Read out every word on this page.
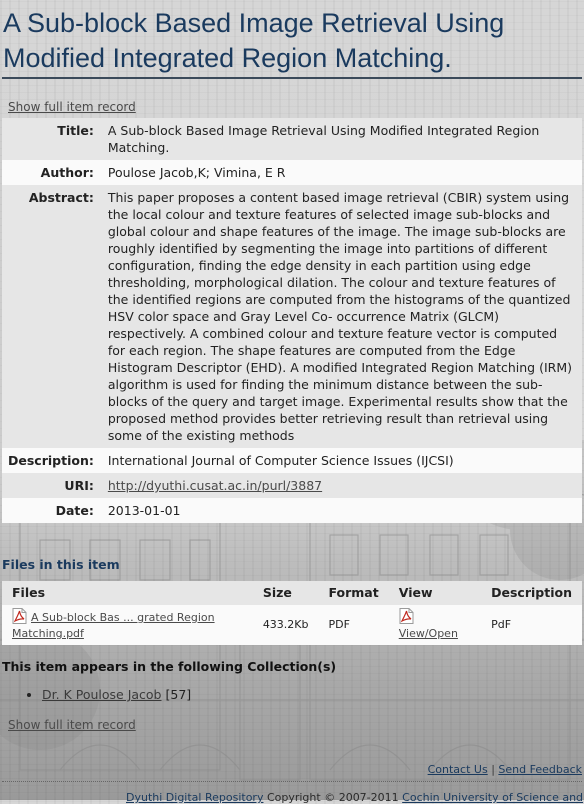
A Sub-block Based Image Retrieval Using Modified Integrated Region Matching.

Show full item record

Title:	A Sub-block Based Image Retrieval Using Modified Integrated Region Matching.
Author:	Poulose Jacob,K; Vimina, E R
Abstract:	This paper proposes a content based image retrieval (CBIR) system using the local colour and texture features of selected image sub-blocks and global colour and shape features of the image. The image sub-blocks are roughly identified by segmenting the image into partitions of different configuration, finding the edge density in each partition using edge thresholding, morphological dilation. The colour and texture features of the identified regions are computed from the histograms of the quantized HSV color space and Gray Level Co- occurrence Matrix (GLCM) respectively. A combined colour and texture feature vector is computed for each region. The shape features are computed from the Edge Histogram Descriptor (EHD). A modified Integrated Region Matching (IRM) algorithm is used for finding the minimum distance between the sub-blocks of the query and target image. Experimental results show that the proposed method provides better retrieving result than retrieval using some of the existing methods
Description:	International Journal of Computer Science Issues (IJCSI)
URI:	http://dyuthi.cusat.ac.in/purl/3887
Date:	2013-01-01
Files in this item
Files	Size	Format	View	Description
A Sub-block Bas ... grated Region Matching.pdf	433.2Kb	PDF	View/Open	PdF
This item appears in the following Collection(s)
• Dr. K Poulose Jacob [57]

Show full item record

Contact Us | Send Feedback
Dyuthi Digital Repository Copyright © 2007-2011 Cochin University of Science and
